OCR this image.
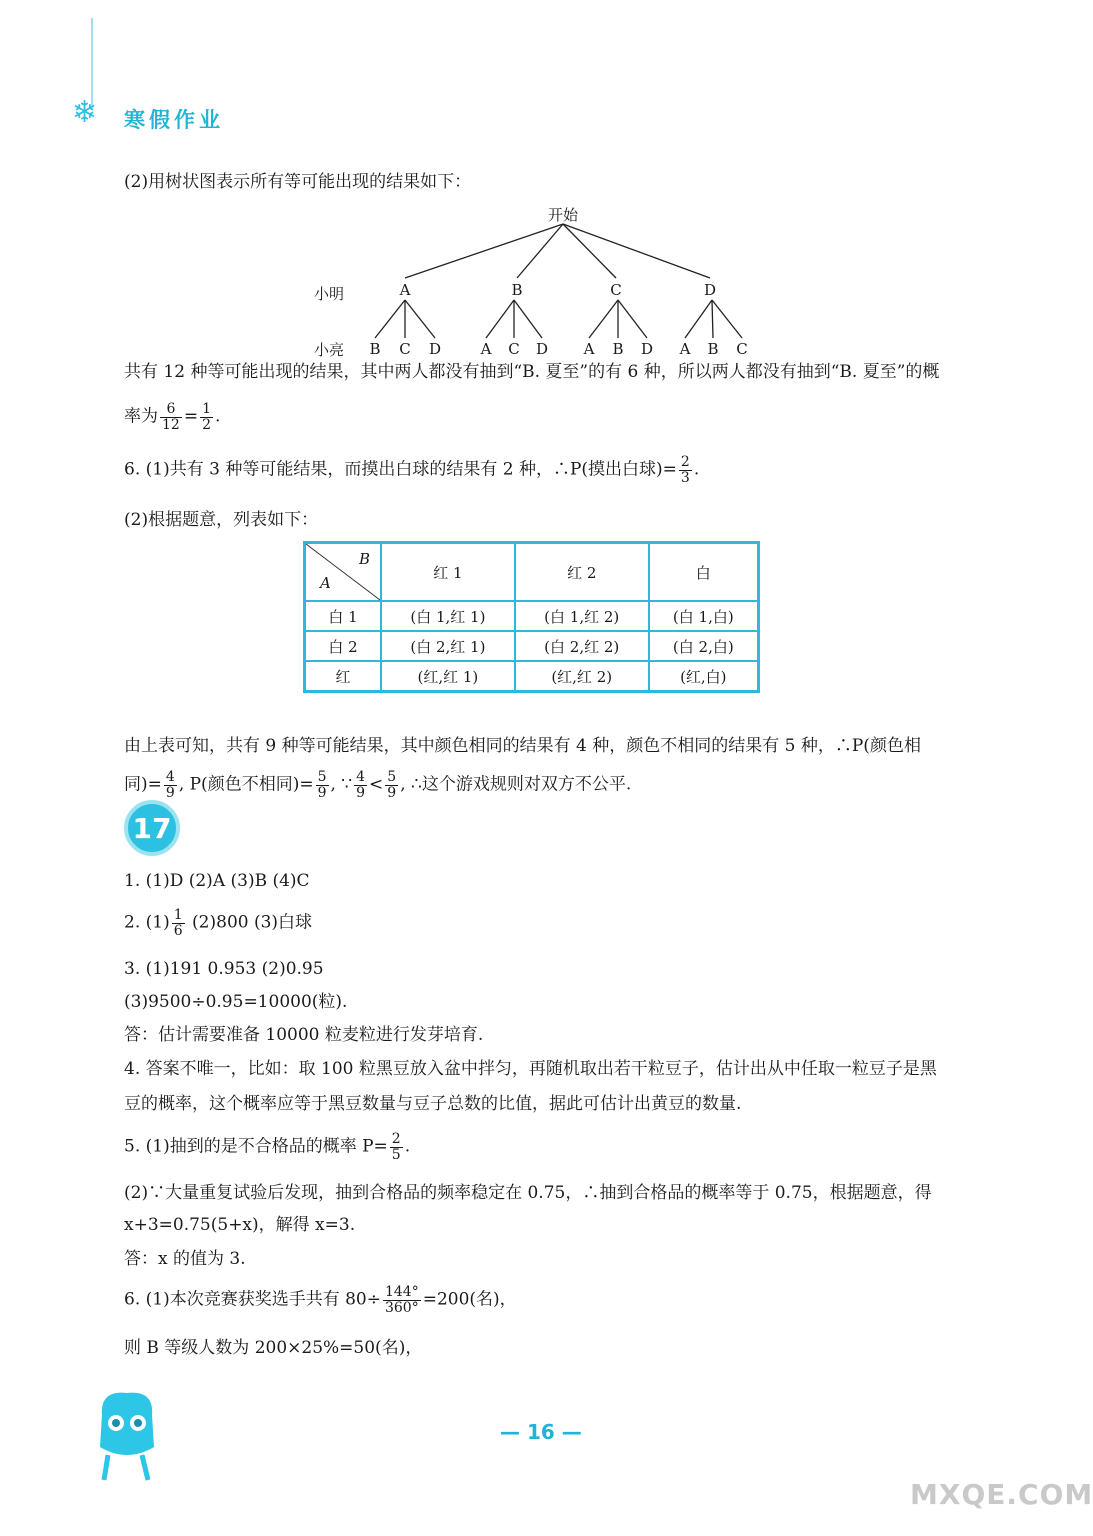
❄ 寒假作业
(2)用树状图表示所有等可能出现的结果如下：
开始
小明
小亮
A	B	C	D
B C D	A C D A B D A B C
共有 12 种等可能出现的结果，其中两人都没有抽到“B. 夏至”的有 6 种，所以两人都没有抽到“B. 夏至”的概
率为 $\frac{6}{12} = \frac{1}{2}$ .
6. (1)共有 3 种等可能结果，而摸出白球的结果有 2 种，∴P(摸出白球)= $\frac{2}{3}$ .
(2)根据题意，列表如下：
B
A	红 1	红 2	白
白 1	(白 1,红 1)	(白 1,红 2)	(白 1,白)
白 2	(白 2,红 1)	(白 2,红 2)	(白 2,白)
红	(红,红 1)	(红,红 2)	(红,白)
由上表可知，共有 9 种等可能结果，其中颜色相同的结果有 4 种，颜色不相同的结果有 5 种，∴P(颜色相
同)= $\frac{4}{9}$ , P(颜色不相同)= $\frac{5}{9}$ , ∵ $\frac{4}{9} < \frac{5}{9}$ , ∴这个游戏规则对双方不公平.
17
1. (1)D (2)A (3)B (4)C
2. $(1) \frac{1}{6} (2)800$ (3)白球
3. (1)191 0.953 (2)0.95
(3)9500÷0.95=10000(粒).
答：估计需要准备 10000 粒麦粒进行发芽培育.
4. 答案不唯一，比如：取 100 粒黑豆放入盆中拌匀，再随机取出若干粒豆子，估计出从中任取一粒豆子是黑
豆的概率，这个概率应等于黑豆数量与豆子总数的比值，据此可估计出黄豆的数量.
5. (1)抽到的是不合格品的概率 $P= \frac{2}{5}$ .
(2)∵大量重复试验后发现，抽到合格品的频率稳定在 0.75，∴抽到合格品的概率等于 0.75，根据题意，得
x+3=0.75(5+x)，解得 x=3.
答：x 的值为 3.
6. (1)本次竞赛获奖选手共有 $80\div \frac{144^\circ}{360^\circ} =200$(名)，
则 B 等级人数为 200×25%=50(名)，
— 16 —
MXQE.COM
